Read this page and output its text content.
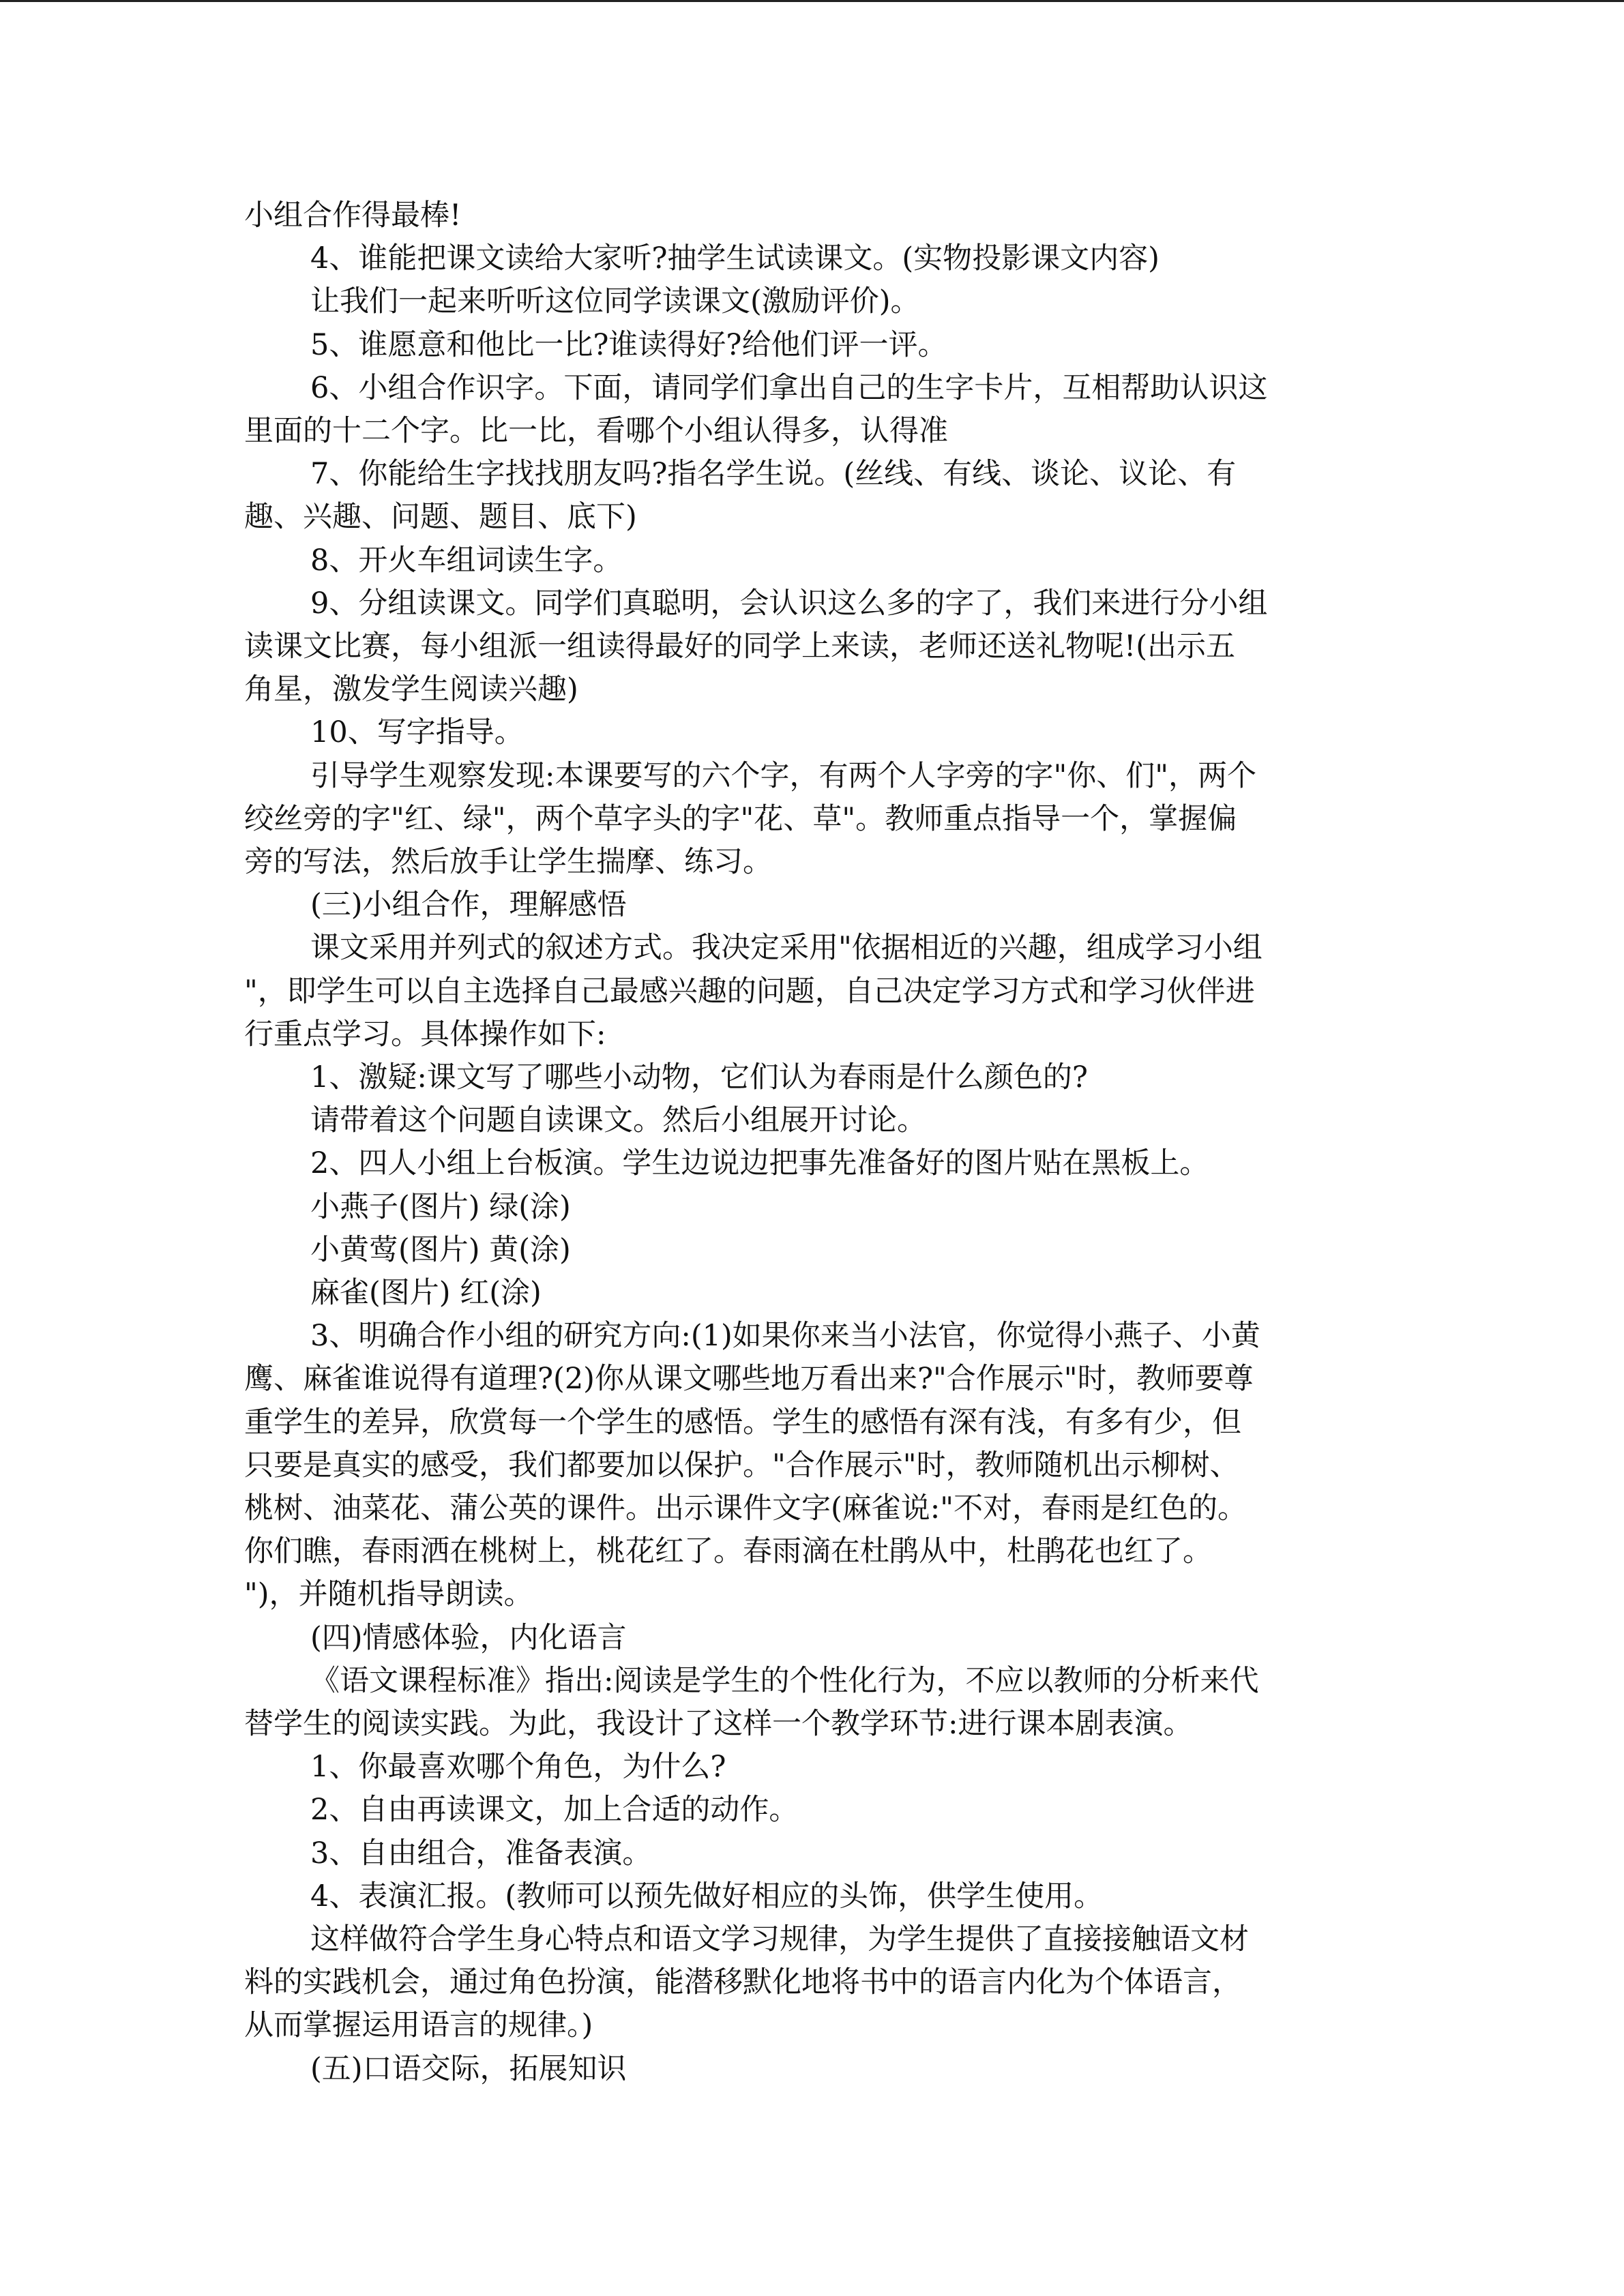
小组合作得最棒!
4、谁能把课文读给大家听?抽学生试读课文。(实物投影课文内容)
让我们一起来听听这位同学读课文(激励评价)。
5、谁愿意和他比一比?谁读得好?给他们评一评。
6、小组合作识字。下面，请同学们拿出自己的生字卡片，互相帮助认识这
里面的十二个字。比一比，看哪个小组认得多，认得准
7、你能给生字找找朋友吗?指名学生说。(丝线、有线、谈论、议论、有
趣、兴趣、问题、题目、底下)
8、开火车组词读生字。
9、分组读课文。同学们真聪明，会认识这么多的字了，我们来进行分小组
读课文比赛，每小组派一组读得最好的同学上来读，老师还送礼物呢!(出示五
角星，激发学生阅读兴趣)
10、写字指导。
引导学生观察发现:本课要写的六个字，有两个人字旁的字"你、们"，两个
绞丝旁的字"红、绿"，两个草字头的字"花、草"。教师重点指导一个，掌握偏
旁的写法，然后放手让学生揣摩、练习。
(三)小组合作，理解感悟
课文采用并列式的叙述方式。我决定采用"依据相近的兴趣，组成学习小组
"，即学生可以自主选择自己最感兴趣的问题，自己决定学习方式和学习伙伴进
行重点学习。具体操作如下:
1、激疑:课文写了哪些小动物，它们认为春雨是什么颜色的?
请带着这个问题自读课文。然后小组展开讨论。
2、四人小组上台板演。学生边说边把事先准备好的图片贴在黑板上。
小燕子(图片) 绿(涂)
小黄莺(图片) 黄(涂)
麻雀(图片) 红(涂)
3、明确合作小组的研究方向:(1)如果你来当小法官，你觉得小燕子、小黄
鹰、麻雀谁说得有道理?(2)你从课文哪些地万看出来?"合作展示"时，教师要尊
重学生的差异，欣赏每一个学生的感悟。学生的感悟有深有浅，有多有少，但
只要是真实的感受，我们都要加以保护。"合作展示"时，教师随机出示柳树、
桃树、油菜花、蒲公英的课件。出示课件文字(麻雀说:"不对，春雨是红色的。
你们瞧，春雨洒在桃树上，桃花红了。春雨滴在杜鹃从中，杜鹃花也红了。
")，并随机指导朗读。
(四)情感体验，内化语言
《语文课程标准》指出:阅读是学生的个性化行为，不应以教师的分析来代
替学生的阅读实践。为此，我设计了这样一个教学环节:进行课本剧表演。
1、你最喜欢哪个角色，为什么?
2、自由再读课文，加上合适的动作。
3、自由组合，准备表演。
4、表演汇报。(教师可以预先做好相应的头饰，供学生使用。
这样做符合学生身心特点和语文学习规律，为学生提供了直接接触语文材
料的实践机会，通过角色扮演，能潜移默化地将书中的语言内化为个体语言，
从而掌握运用语言的规律。)
(五)口语交际，拓展知识
